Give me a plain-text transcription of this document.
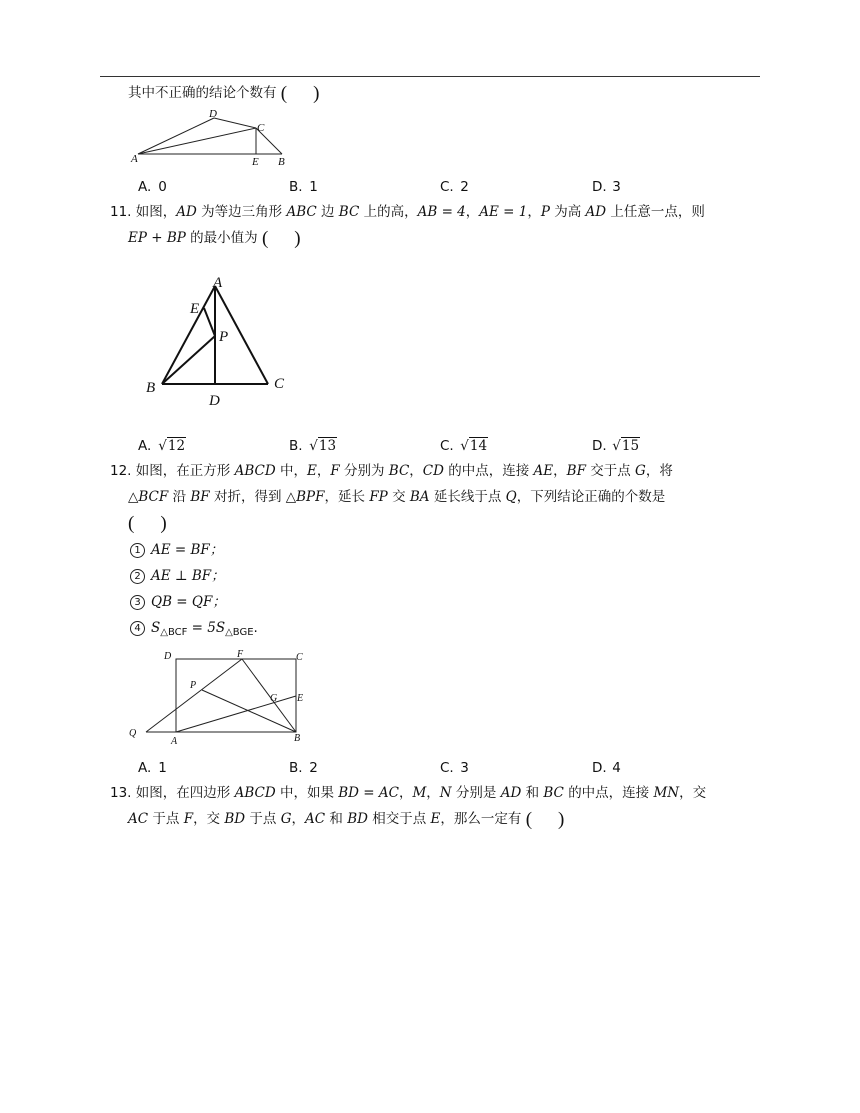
其中不正确的结论个数有 ( )
D
C
A	E B
A. 0	B. 1	C. 2	D. 3
11. 如图，AD 为等边三角形 ABC 边 BC 上的高，AB = 4，AE = 1，P 为高 AD 上任意一点，则
EP + BP 的最小值为 ( )
A
E
P
B
D
C
A. √12	B. √13	C. √14	D. √15
12. 如图，在正方形 ABCD 中，E，F 分别为 BC，CD 的中点，连接 AE，BF 交于点 G，将
△BCF 沿 BF 对折，得到 △BPF，延长 FP 交 BA 延长线于点 Q，下列结论正确的个数是
( )
1 AE = BF；
2 AE ⊥ BF；
3 QB = QF；
4 $S_{\triangle BCF} = 5S_{\triangle BGE}$.
D	F	C
P
G E
Q
A	B
A. 1	B. 2	C. 3	D. 4
13. 如图，在四边形 ABCD 中，如果 BD = AC，M，N 分别是 AD 和 BC 的中点，连接 MN，交
AC 于点 F，交 BD 于点 G，AC 和 BD 相交于点 E，那么一定有 ( )
